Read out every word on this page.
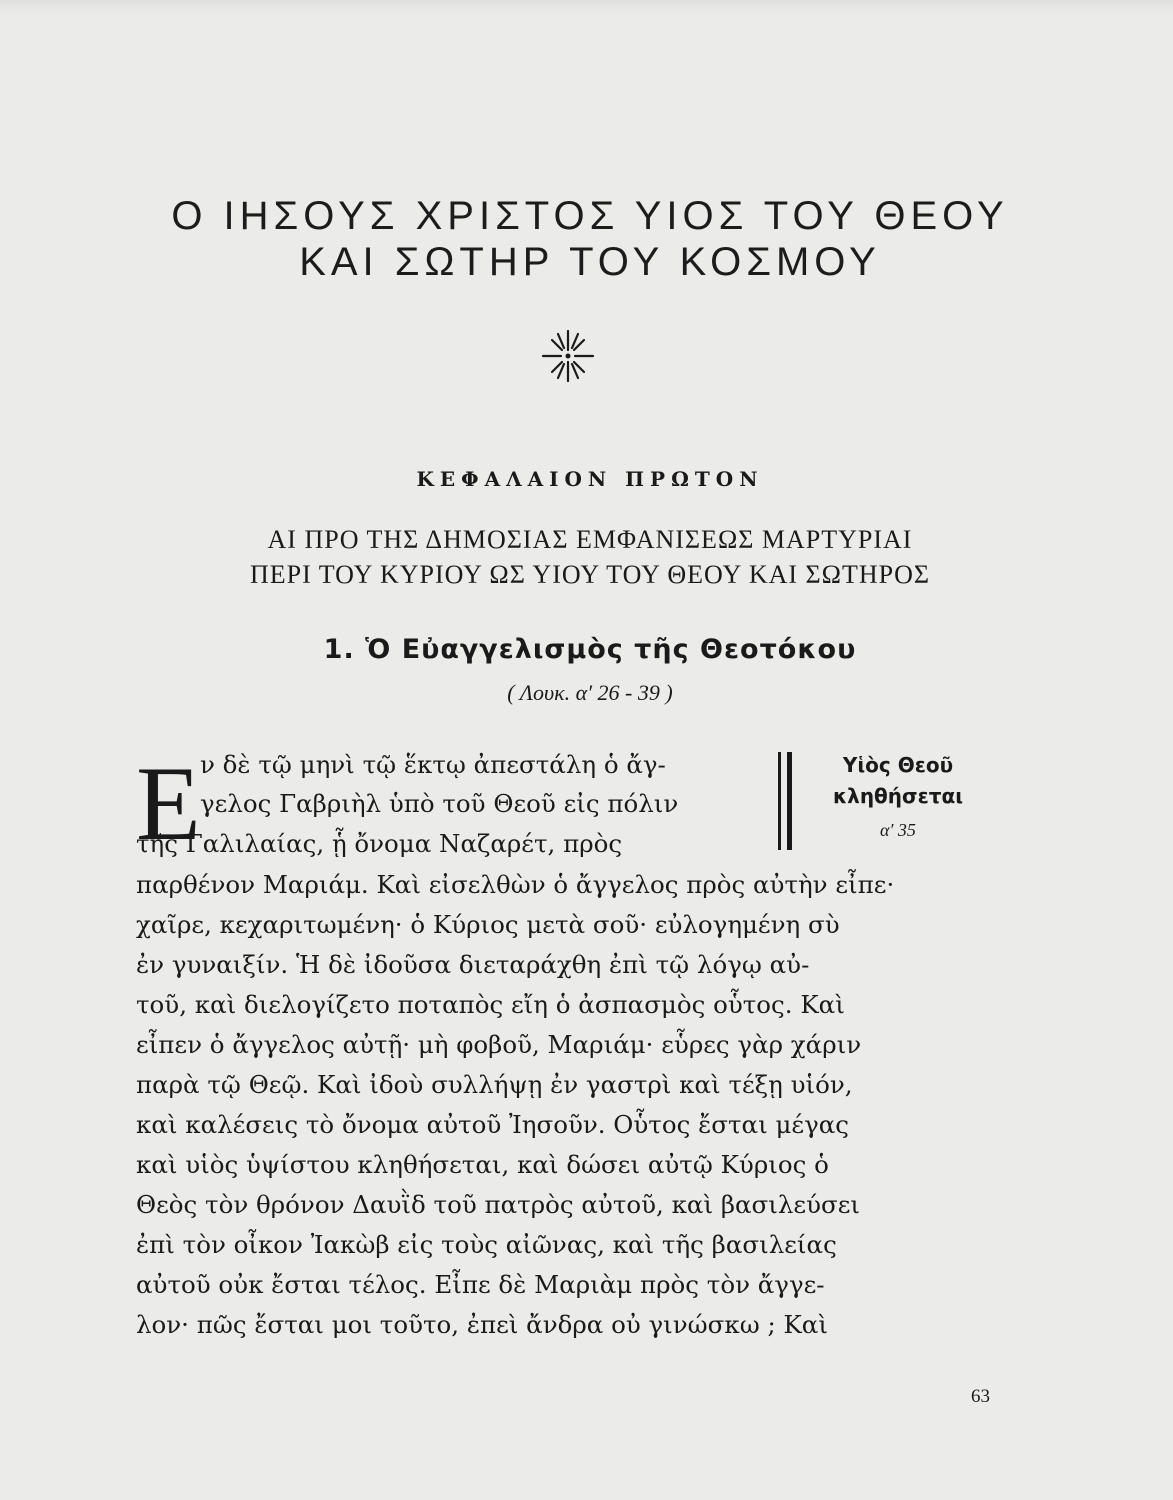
Ο ΙΗΣΟΥΣ ΧΡΙΣΤΟΣ ΥΙΟΣ ΤΟΥ ΘΕΟΥ
ΚΑΙ ΣΩΤΗΡ ΤΟΥ ΚΟΣΜΟΥ
ΚΕΦΑΛΑΙΟΝ ΠΡΩΤΟΝ
ΑΙ ΠΡΟ ΤΗΣ ΔΗΜΟΣΙΑΣ ΕΜΦΑΝΙΣΕΩΣ ΜΑΡΤΥΡΙΑΙ
ΠΕΡΙ ΤΟΥ ΚΥΡΙΟΥ ΩΣ ΥΙΟΥ ΤΟΥ ΘΕΟΥ ΚΑΙ ΣΩΤΗΡΟΣ
1. Ὁ Εὐαγγελισμὸς τῆς Θεοτόκου
( Λουκ. α′ 26 - 39 )
Ε ν δὲ τῷ μηνὶ τῷ ἕκτῳ ἀπεστάλη ὁ ἄγ-
γελος Γαβριὴλ ὑπὸ τοῦ Θεοῦ εἰς πόλιν
τῆς Γαλιλαίας, ᾗ ὄνομα Ναζαρέτ, πρὸς
παρθένον Μαριάμ. Καὶ εἰσελθὼν ὁ ἄγγελος πρὸς αὐτὴν εἶπε·
χαῖρε, κεχαριτωμένη· ὁ Κύριος μετὰ σοῦ· εὐλογημένη σὺ
ἐν γυναιξίν. Ἡ δὲ ἰδοῦσα διεταράχθη ἐπὶ τῷ λόγῳ αὐ-
τοῦ, καὶ διελογίζετο ποταπὸς εἴη ὁ ἀσπασμὸς οὗτος. Καὶ
εἶπεν ὁ ἄγγελος αὐτῇ· μὴ φοβοῦ, Μαριάμ· εὗρες γὰρ χάριν
παρὰ τῷ Θεῷ. Καὶ ἰδοὺ συλλήψῃ ἐν γαστρὶ καὶ τέξῃ υἱόν,
καὶ καλέσεις τὸ ὄνομα αὐτοῦ Ἰησοῦν. Οὗτος ἔσται μέγας
καὶ υἱὸς ὑψίστου κληθήσεται, καὶ δώσει αὐτῷ Κύριος ὁ
Θεὸς τὸν θρόνον Δαυῒδ τοῦ πατρὸς αὐτοῦ, καὶ βασιλεύσει
ἐπὶ τὸν οἶκον Ἰακὼβ εἰς τοὺς αἰῶνας, καὶ τῆς βασιλείας
αὐτοῦ οὐκ ἔσται τέλος. Εἶπε δὲ Μαριὰμ πρὸς τὸν ἄγγε-
λον· πῶς ἔσται μοι τοῦτο, ἐπεὶ ἄνδρα οὐ γινώσκω ; Καὶ
Υἱὸς Θεοῦ
κληθήσεται
α′ 35
63
